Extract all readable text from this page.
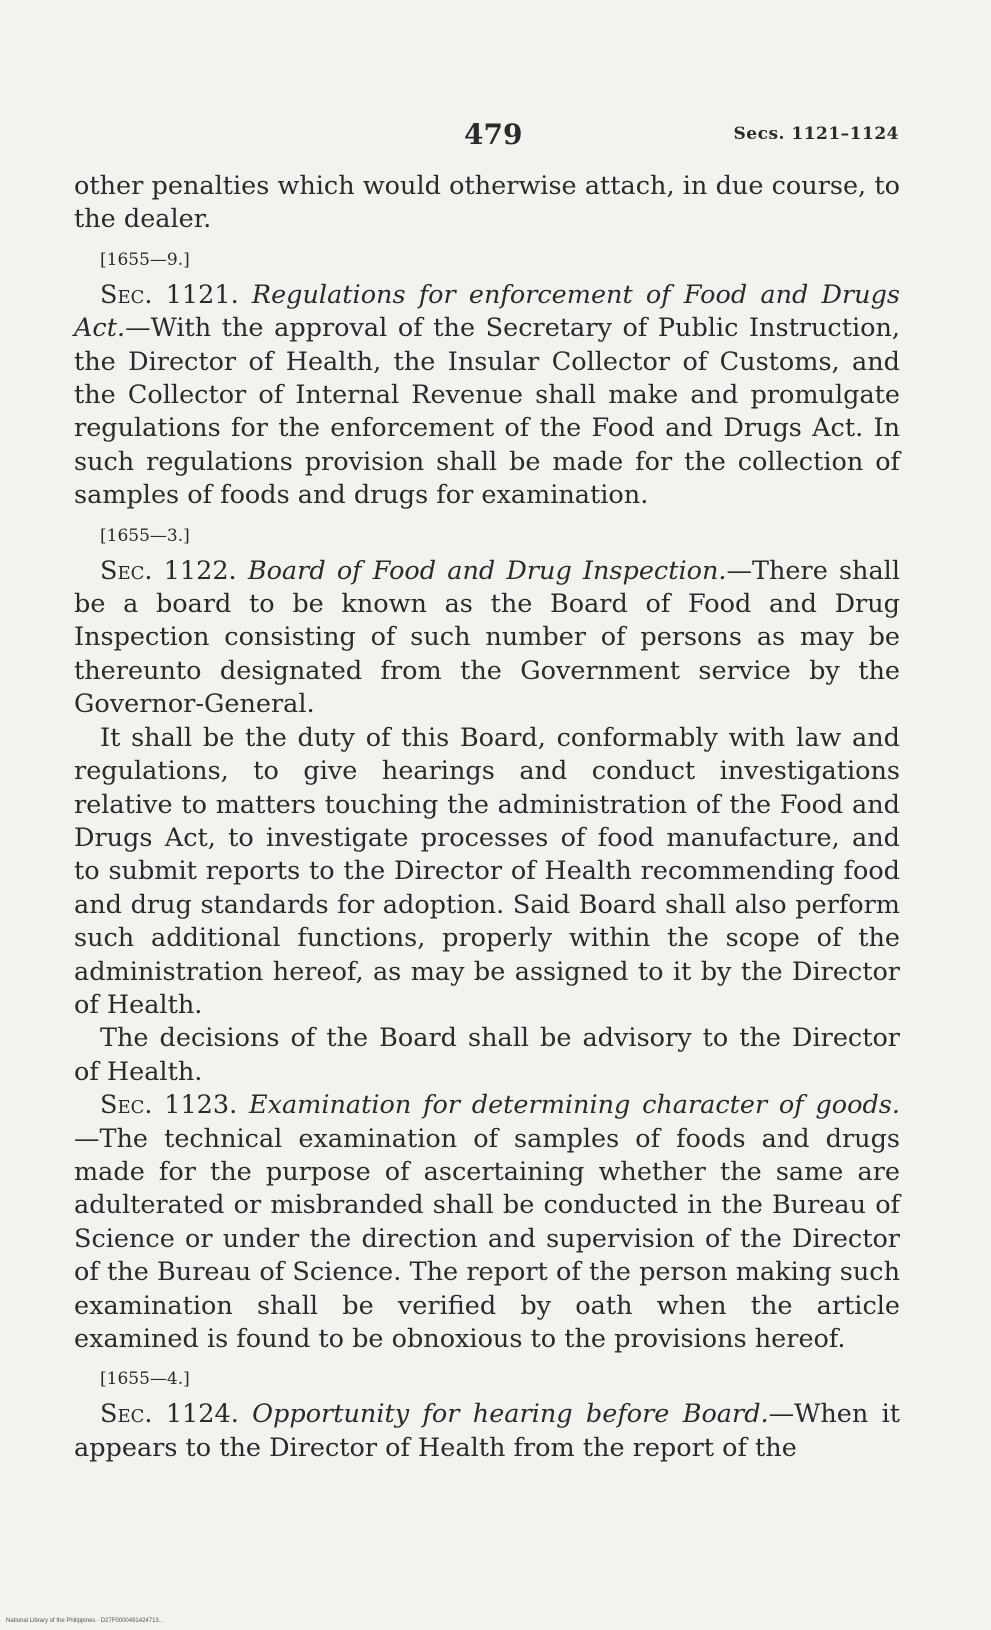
479	Secs. 1121–1124

other penalties which would otherwise attach, in due course, to the dealer.

[1655—9.]

Sec. 1121. Regulations for enforcement of Food and Drugs Act.—With the approval of the Secretary of Public Instruction, the Director of Health, the Insular Collector of Customs, and the Collector of Internal Revenue shall make and promulgate regulations for the enforcement of the Food and Drugs Act. In such regulations provision shall be made for the collection of samples of foods and drugs for examination.

[1655—3.]

Sec. 1122. Board of Food and Drug Inspection.—There shall be a board to be known as the Board of Food and Drug Inspection consisting of such number of persons as may be thereunto designated from the Government service by the Governor-General.

It shall be the duty of this Board, conformably with law and regulations, to give hearings and conduct investigations relative to matters touching the administration of the Food and Drugs Act, to investigate processes of food manufacture, and to submit reports to the Director of Health recommending food and drug standards for adoption. Said Board shall also perform such additional functions, properly within the scope of the administration hereof, as may be assigned to it by the Director of Health.

The decisions of the Board shall be advisory to the Director of Health.

Sec. 1123. Examination for determining character of goods.—The technical examination of samples of foods and drugs made for the purpose of ascertaining whether the same are adulterated or misbranded shall be conducted in the Bureau of Science or under the direction and supervision of the Director of the Bureau of Science. The report of the person making such examination shall be verified by oath when the article examined is found to be obnoxious to the provisions hereof.

[1655—4.]

Sec. 1124. Opportunity for hearing before Board.—When it appears to the Director of Health from the report of the

National Library of the Philippines · D27F0000481424713...
